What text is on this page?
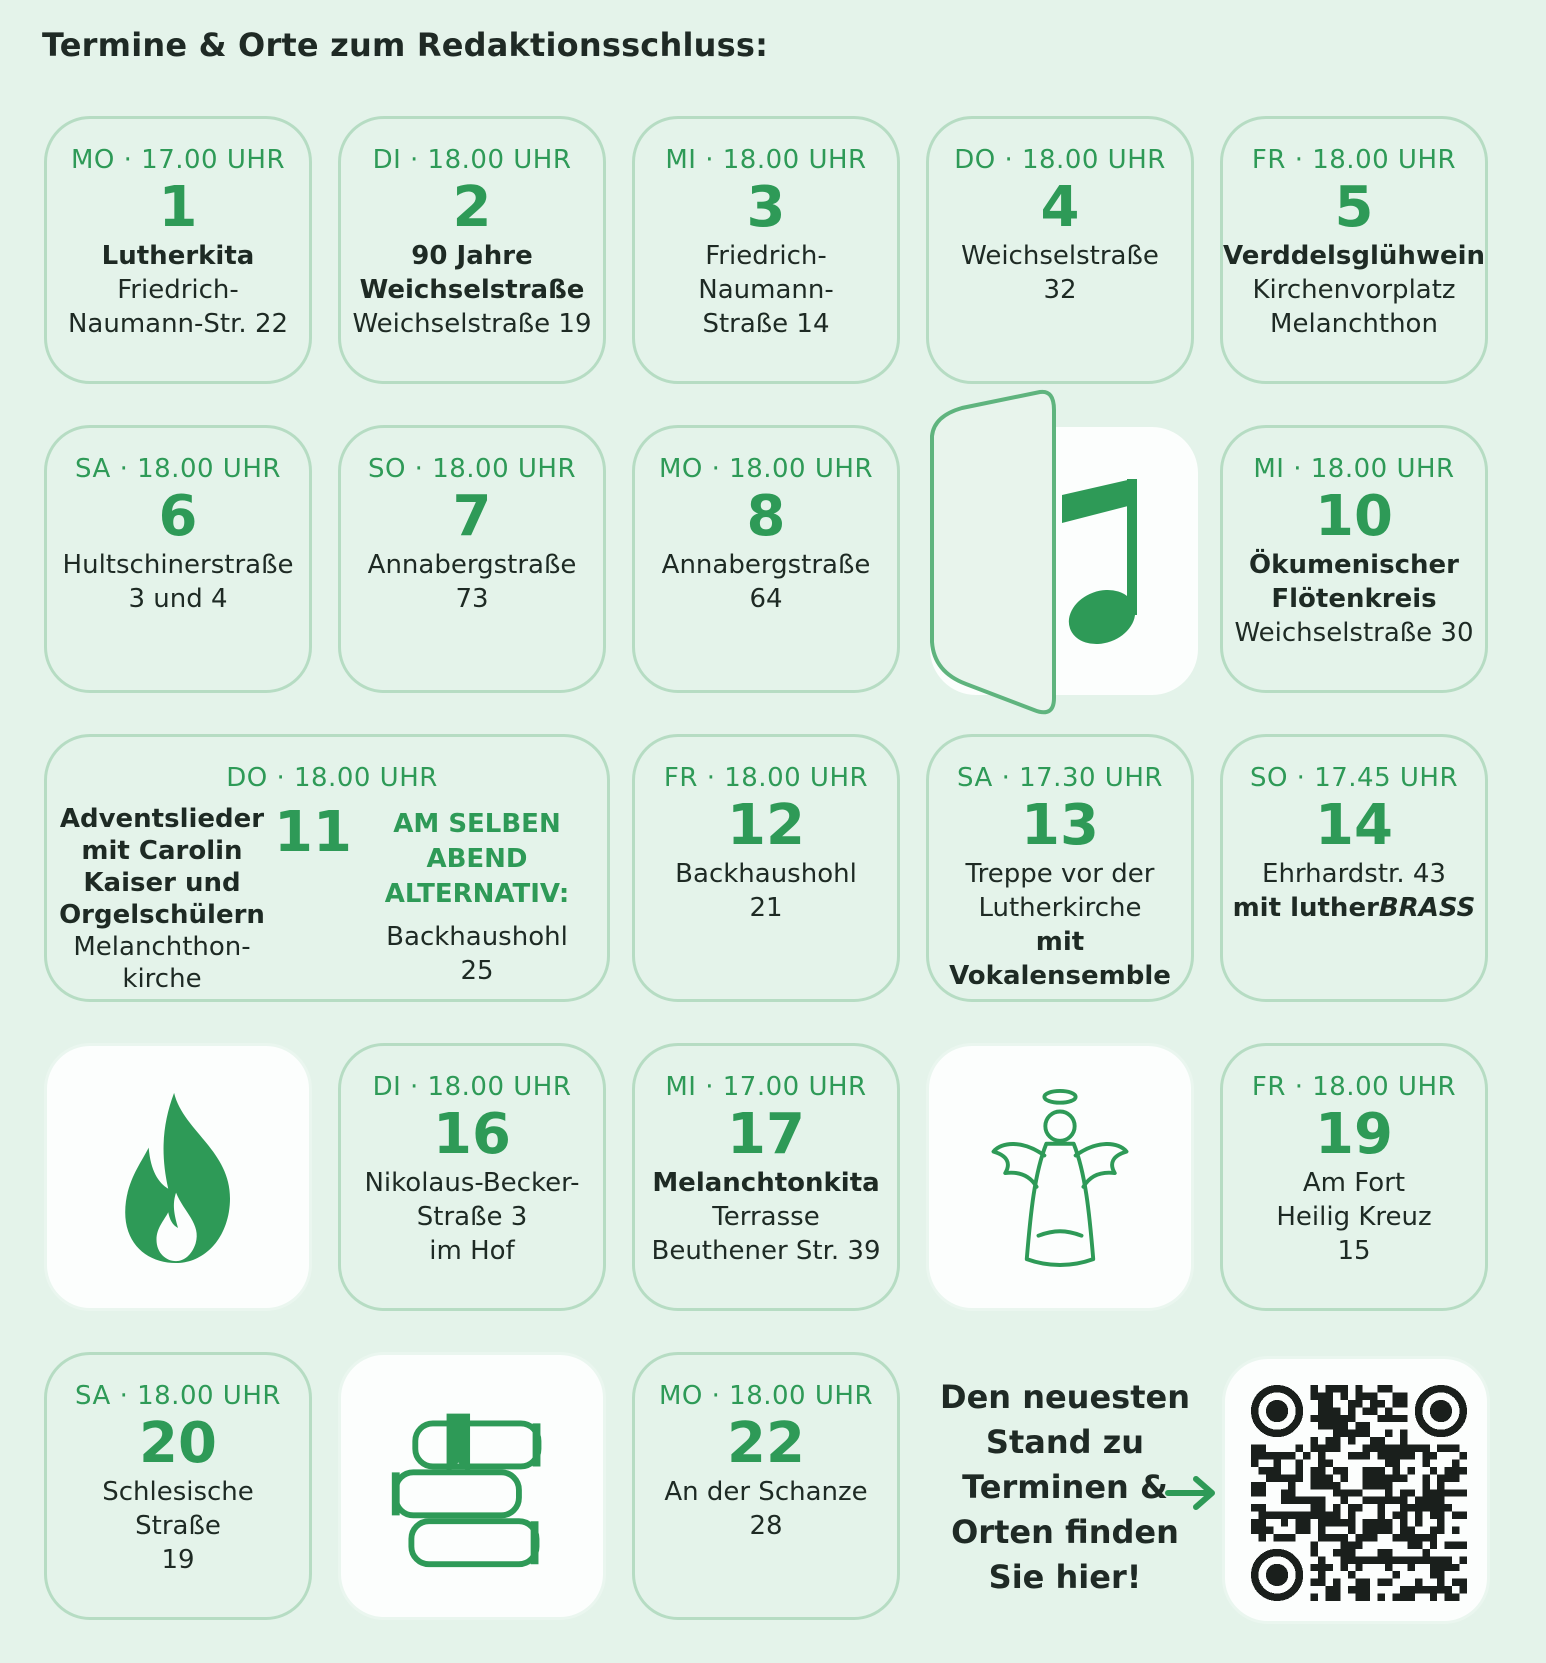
Termine & Orte zum Redaktionsschluss:
MO · 17.00 UHR
1
Lutherkita
Friedrich-
Naumann-Str. 22
DI · 18.00 UHR
2
90 Jahre
Weichselstraße
Weichselstraße 19
MI · 18.00 UHR
3
Friedrich-
Naumann-
Straße 14
DO · 18.00 UHR
4
Weichselstraße
32
FR · 18.00 UHR
5
Verddelsglühwein
Kirchenvorplatz
Melanchthon
SA · 18.00 UHR
6
Hultschinerstraße
3 und 4
SO · 18.00 UHR
7
Annabergstraße
73
MO · 18.00 UHR
8
Annabergstraße
64
MI · 18.00 UHR
10
Ökumenischer
Flötenkreis
Weichselstraße 30
DO · 18.00 UHR
Adventslieder
mit Carolin
Kaiser und
Orgelschülern
Melanchthon-
kirche
11	AM SELBEN
ABEND
ALTERNATIV:
Backhaushohl
25
FR · 18.00 UHR
12
Backhaushohl
21
SA · 17.30 UHR
13
Treppe vor der
Lutherkirche
mit
Vokalensemble
SO · 17.45 UHR
14
Ehrhardstr. 43
mit lutherBRASS
DI · 18.00 UHR
16
Nikolaus-Becker-
Straße 3
im Hof
MI · 17.00 UHR
17
Melanchtonkita
Terrasse
Beuthener Str. 39
FR · 18.00 UHR
19
Am Fort
Heilig Kreuz
15
SA · 18.00 UHR
20
Schlesische
Straße
19
MO · 18.00 UHR
22
An der Schanze
28
Den neuesten
Stand zu
Terminen &
Orten finden
Sie hier!
